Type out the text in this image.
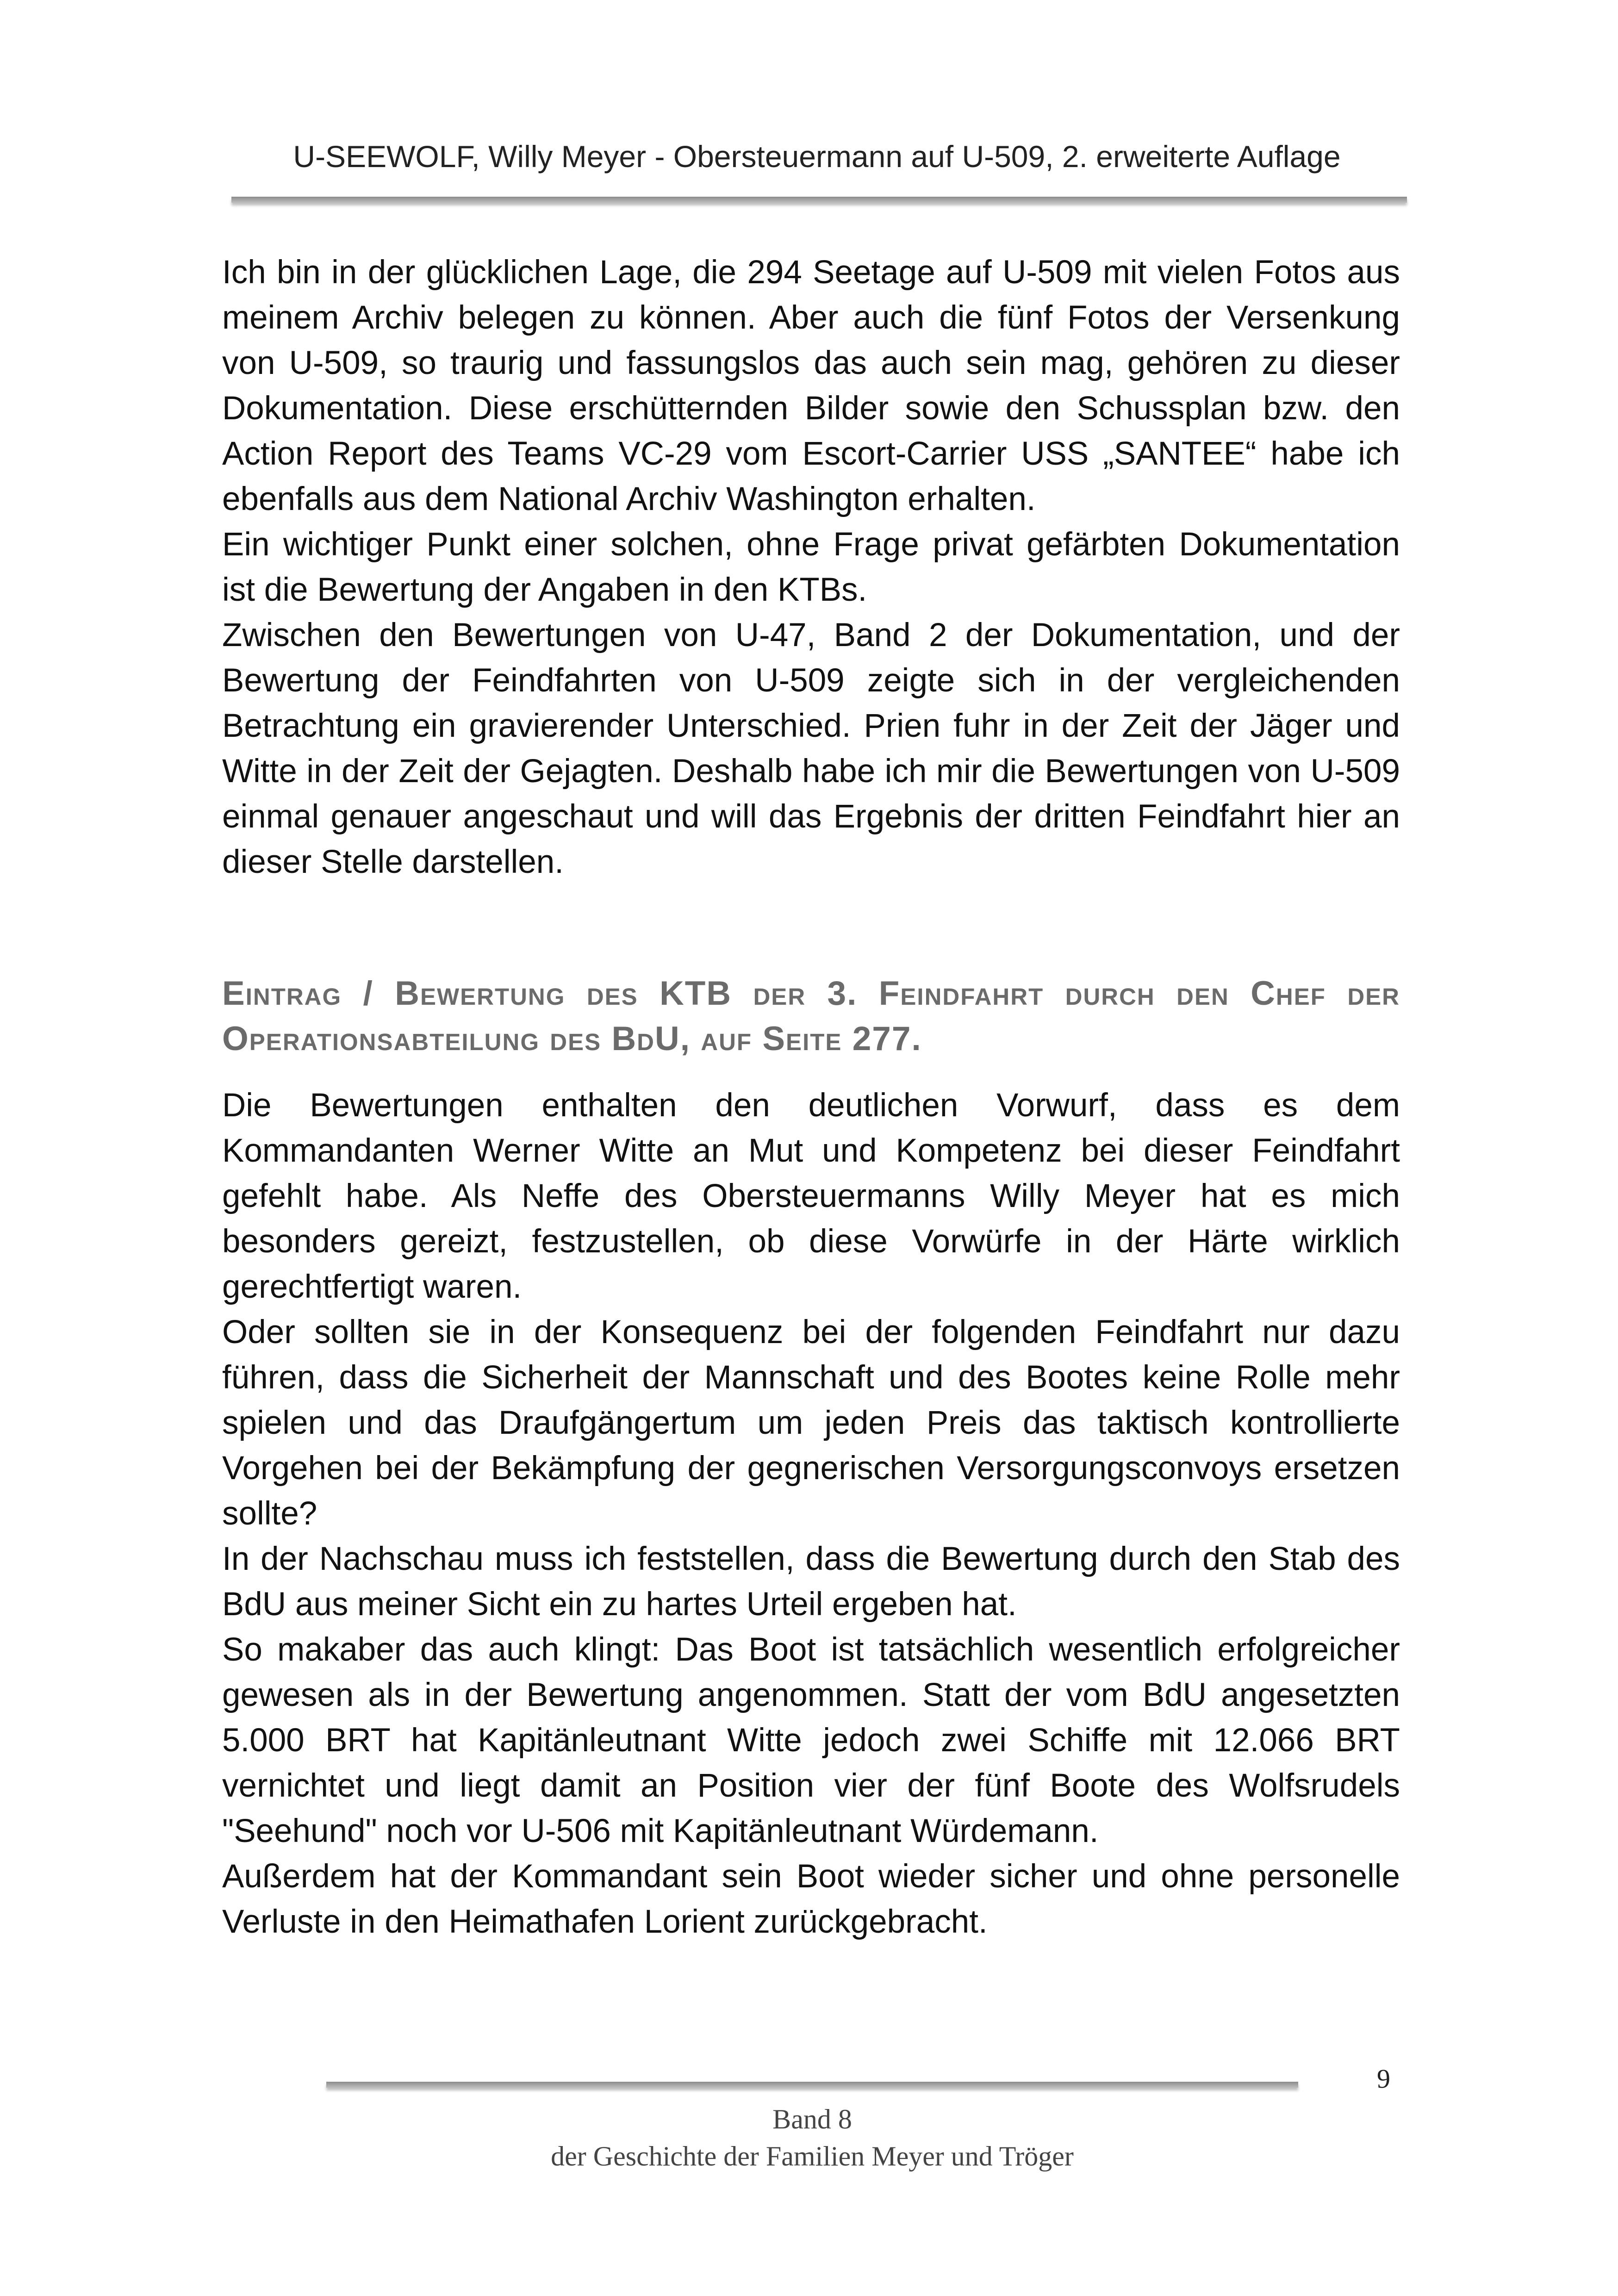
U-SEEWOLF, Willy Meyer - Obersteuermann auf U-509, 2. erweiterte Auflage

Ich bin in der glücklichen Lage, die 294 Seetage auf U-509 mit vielen Fotos aus meinem Archiv belegen zu können. Aber auch die fünf Fotos der Versenkung von U-509, so traurig und fassungslos das auch sein mag, gehören zu dieser Dokumentation. Diese erschütternden Bilder sowie den Schussplan bzw. den Action Report des Teams VC-29 vom Escort-Carrier USS „SANTEE“ habe ich ebenfalls aus dem National Archiv Washington erhalten.

Ein wichtiger Punkt einer solchen, ohne Frage privat gefärbten Dokumentation ist die Bewertung der Angaben in den KTBs.

Zwischen den Bewertungen von U-47, Band 2 der Dokumentation, und der Bewertung der Feindfahrten von U-509 zeigte sich in der vergleichenden Betrachtung ein gravierender Unterschied. Prien fuhr in der Zeit der Jäger und Witte in der Zeit der Gejagten. Deshalb habe ich mir die Bewertungen von U-509 einmal genauer angeschaut und will das Ergebnis der dritten Feindfahrt hier an dieser Stelle darstellen.

Eintrag / Bewertung des KTB der 3. Feindfahrt durch den Chef der Operationsabteilung des BdU, auf Seite 277.

Die Bewertungen enthalten den deutlichen Vorwurf, dass es dem Kommandanten Werner Witte an Mut und Kompetenz bei dieser Feindfahrt gefehlt habe. Als Neffe des Obersteuermanns Willy Meyer hat es mich besonders gereizt, festzustellen, ob diese Vorwürfe in der Härte wirklich gerechtfertigt waren.

Oder sollten sie in der Konsequenz bei der folgenden Feindfahrt nur dazu führen, dass die Sicherheit der Mannschaft und des Bootes keine Rolle mehr spielen und das Draufgängertum um jeden Preis das taktisch kontrollierte Vorgehen bei der Bekämpfung der gegnerischen Versorgungsconvoys ersetzen sollte?

In der Nachschau muss ich feststellen, dass die Bewertung durch den Stab des BdU aus meiner Sicht ein zu hartes Urteil ergeben hat.

So makaber das auch klingt: Das Boot ist tatsächlich wesentlich erfolgreicher gewesen als in der Bewertung angenommen. Statt der vom BdU angesetzten 5.000 BRT hat Kapitänleutnant Witte jedoch zwei Schiffe mit 12.066 BRT vernichtet und liegt damit an Position vier der fünf Boote des Wolfsrudels "Seehund" noch vor U-506 mit Kapitänleutnant Würdemann.

Außerdem hat der Kommandant sein Boot wieder sicher und ohne personelle Verluste in den Heimathafen Lorient zurückgebracht.

9
Band 8
der Geschichte der Familien Meyer und Tröger
